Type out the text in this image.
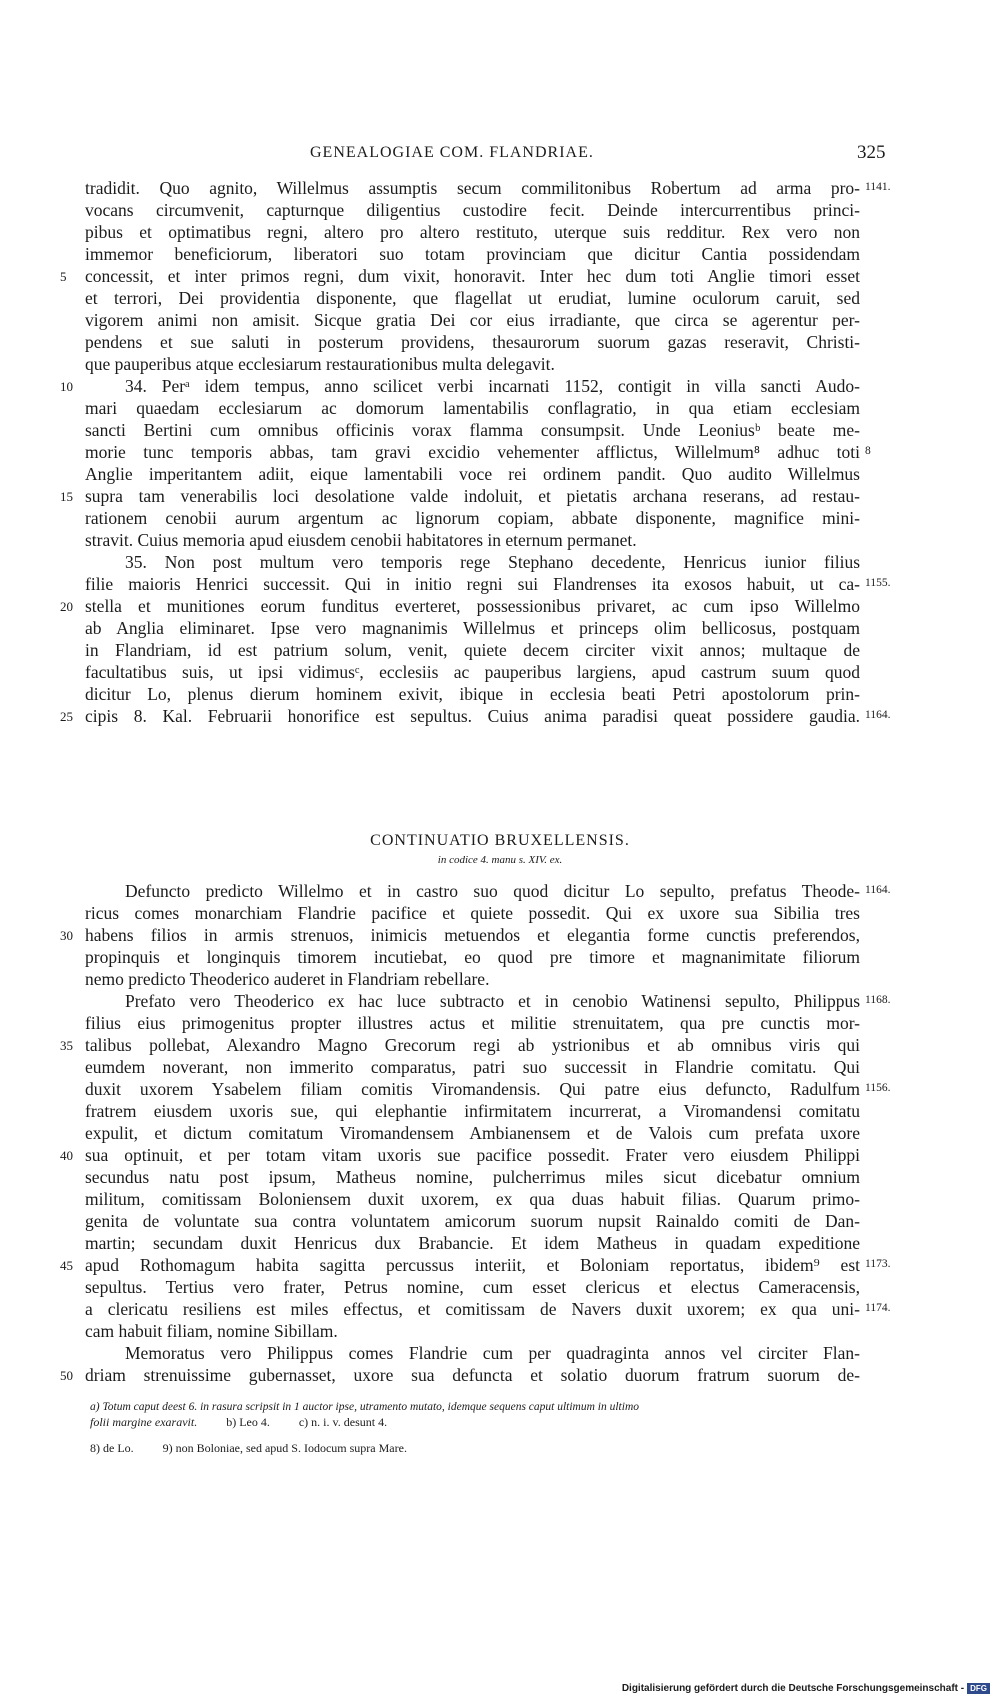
GENEALOGIAE COM. FLANDRIAE.	325
tradidit. Quo agnito, Willelmus assumptis secum commilitonibus Robertum ad arma pro-
vocans circumvenit, capturnque diligentius custodire fecit. Deinde intercurrentibus princi-
pibus et optimatibus regni, altero pro altero restituto, uterque suis redditur. Rex vero non
immemor beneficiorum, liberatori suo totam provinciam que dicitur Cantia possidendam
concessit, et inter primos regni, dum vixit, honoravit. Inter hec dum toti Anglie timori esset
et terrori, Dei providentia disponente, que flagellat ut erudiat, lumine oculorum caruit, sed
vigorem animi non amisit. Sicque gratia Dei cor eius irradiante, que circa se agerentur per-
pendens et sue saluti in posterum providens, thesaurorum suorum gazas reseravit, Christi-
que pauperibus atque ecclesiarum restaurationibus multa delegavit.
34. Perᵃ idem tempus, anno scilicet verbi incarnati 1152, contigit in villa sancti Audo-
mari quaedam ecclesiarum ac domorum lamentabilis conflagratio, in qua etiam ecclesiam
sancti Bertini cum omnibus officinis vorax flamma consumpsit. Unde Leoniusᵇ beate me-
morie tunc temporis abbas, tam gravi excidio vehementer afflictus, Willelmum⁸ adhuc toti
Anglie imperitantem adiit, eique lamentabili voce rei ordinem pandit. Quo audito Willelmus
supra tam venerabilis loci desolatione valde indoluit, et pietatis archana reserans, ad restau-
rationem cenobii aurum argentum ac lignorum copiam, abbate disponente, magnifice mini-
stravit. Cuius memoria apud eiusdem cenobii habitatores in eternum permanet.
35. Non post multum vero temporis rege Stephano decedente, Henricus iunior filius
filie maioris Henrici successit. Qui in initio regni sui Flandrenses ita exosos habuit, ut ca-
stella et munitiones eorum funditus everteret, possessionibus privaret, ac cum ipso Willelmo
ab Anglia eliminaret. Ipse vero magnanimis Willelmus et princeps olim bellicosus, postquam
in Flandriam, id est patrium solum, venit, quiete decem circiter vixit annos; multaque de
facultatibus suis, ut ipsi vidimusᶜ, ecclesiis ac pauperibus largiens, apud castrum suum quod
dicitur Lo, plenus dierum hominem exivit, ibique in ecclesia beati Petri apostolorum prin-
cipis 8. Kal. Februarii honorifice est sepultus. Cuius anima paradisi queat possidere gaudia.
CONTINUATIO BRUXELLENSIS.
in codice 4. manu s. XIV. ex.
Defuncto predicto Willelmo et in castro suo quod dicitur Lo sepulto, prefatus Theode-
ricus comes monarchiam Flandrie pacifice et quiete possedit. Qui ex uxore sua Sibilia tres
habens filios in armis strenuos, inimicis metuendos et elegantia forme cunctis preferendos,
propinquis et longinquis timorem incutiebat, eo quod pre timore et magnanimitate filiorum
nemo predicto Theoderico auderet in Flandriam rebellare.
Prefato vero Theoderico ex hac luce subtracto et in cenobio Watinensi sepulto, Philippus
filius eius primogenitus propter illustres actus et militie strenuitatem, qua pre cunctis mor-
talibus pollebat, Alexandro Magno Grecorum regi ab ystrionibus et ab omnibus viris qui
eumdem noverant, non immerito comparatus, patri suo successit in Flandrie comitatu. Qui
duxit uxorem Ysabelem filiam comitis Viromandensis. Qui patre eius defuncto, Radulfum
fratrem eiusdem uxoris sue, qui elephantie infirmitatem incurrerat, a Viromandensi comitatu
expulit, et dictum comitatum Viromandensem Ambianensem et de Valois cum prefata uxore
sua optinuit, et per totam vitam uxoris sue pacifice possedit. Frater vero eiusdem Philippi
secundus natu post ipsum, Matheus nomine, pulcherrimus miles sicut dicebatur omnium
militum, comitissam Boloniensem duxit uxorem, ex qua duas habuit filias. Quarum primo-
genita de voluntate sua contra voluntatem amicorum suorum nupsit Rainaldo comiti de Dan-
martin; secundam duxit Henricus dux Brabancie. Et idem Matheus in quadam expeditione
apud Rothomagum habita sagitta percussus interiit, et Boloniam reportatus, ibidem⁹ est
sepultus. Tertius vero frater, Petrus nomine, cum esset clericus et electus Cameracensis,
a clericatu resiliens est miles effectus, et comitissam de Navers duxit uxorem; ex qua uni-
cam habuit filiam, nomine Sibillam.
Memoratus vero Philippus comes Flandrie cum per quadraginta annos vel circiter Flan-
driam strenuissime gubernasset, uxore sua defuncta et solatio duorum fratrum suorum de-
5
10
15
20
25
30
35
40
45
50
1141.
8
1155.
1164.
1164.
1168.
1156.
1173.
1174.
a) Totum caput deest 6. in rasura scripsit in 1 auctor ipse, utramento mutato, idemque sequens caput ultimum in ultimo
folii margine exaravit. b) Leo 4. c) n. i. v. desunt 4.
8) de Lo. 9) non Boloniae, sed apud S. Iodocum supra Mare.
Digitalisierung gefördert durch die Deutsche Forschungsgemeinschaft - DFG
